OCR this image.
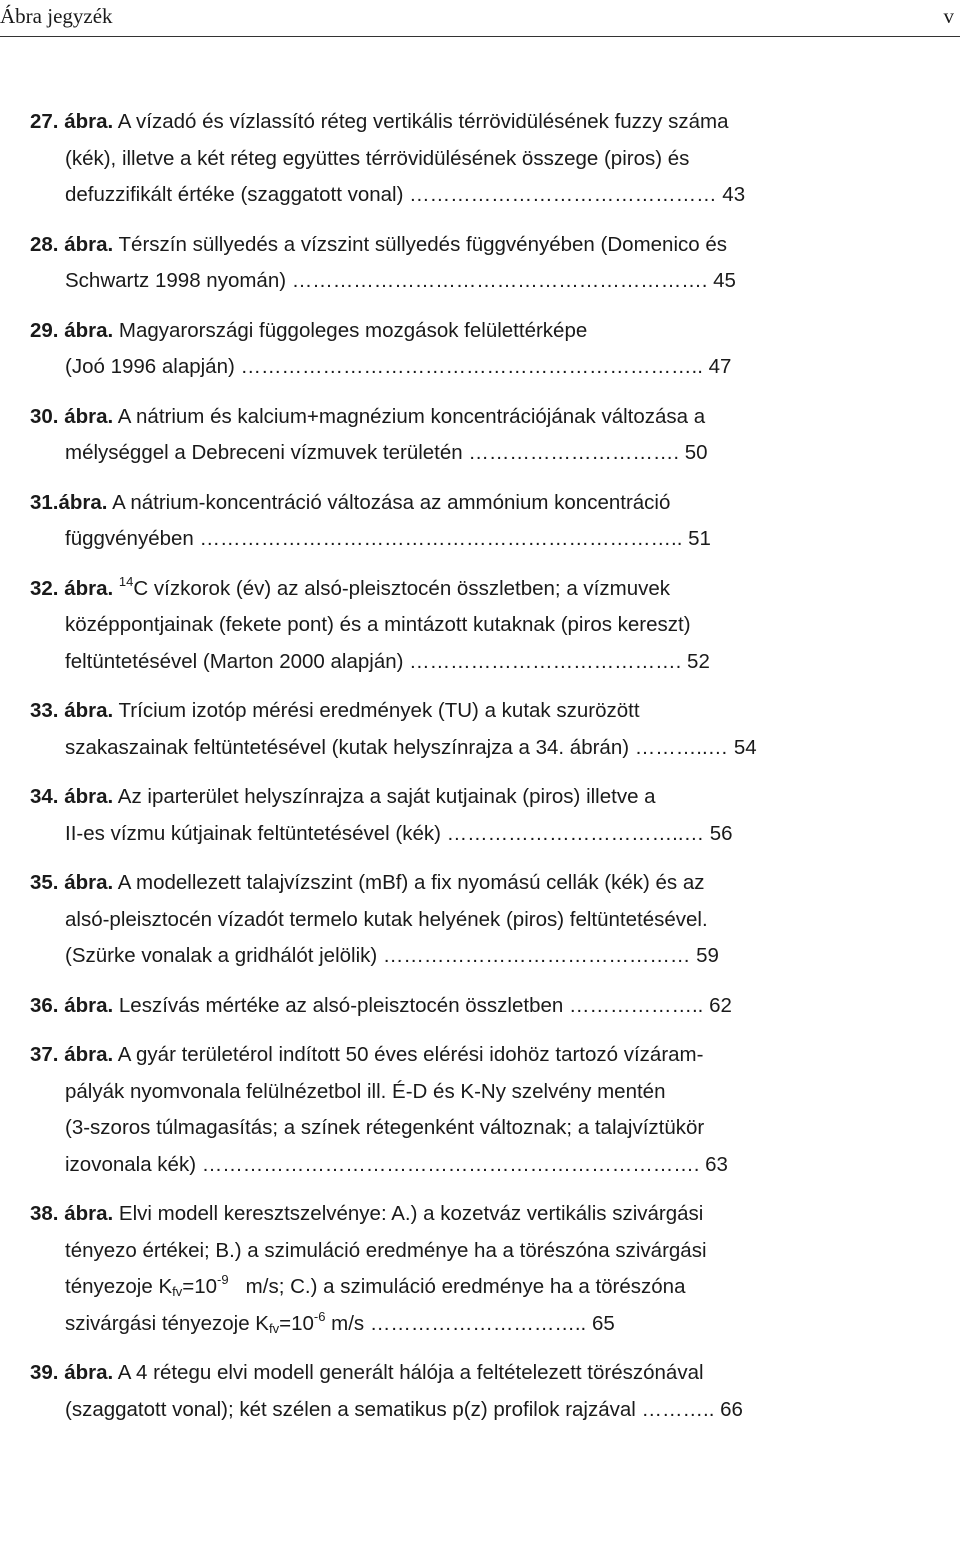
Ábra jegyzék	v
27. ábra. A vízadó és vízlassító réteg vertikális térrövidülésének fuzzy száma
(kék), illetve a két réteg együttes térrövidülésének összege (piros) és
defuzzifikált értéke (szaggatott vonal) ……………………………………… 43
28. ábra. Térszín süllyedés a vízszint süllyedés függvényében (Domenico és
Schwartz 1998 nyomán) ……………………………………………………. 45
29. ábra. Magyarországi függoleges mozgások felülettérképe
(Joó 1996 alapján) ………………………………………………………….. 47
30. ábra. A nátrium és kalcium+magnézium koncentrációjának változása a
mélységgel a Debreceni vízmuvek területén …………………………. 50
31.ábra. A nátrium-koncentráció változása az ammónium koncentráció
függvényében …………………………………………………………….. 51
32. ábra. $^{14}$C vízkorok (év) az alsó-pleisztocén összletben; a vízmuvek
középpontjainak (fekete pont) és a mintázott kutaknak (piros kereszt)
feltüntetésével (Marton 2000 alapján) …………………………………. 52
33. ábra. Trícium izotóp mérési eredmények (TU) a kutak szurözött
szakaszainak feltüntetésével (kutak helyszínrajza a 34. ábrán) ………..… 54
34. ábra. Az iparterület helyszínrajza a saját kutjainak (piros) illetve a
II-es vízmu kútjainak feltüntetésével (kék) ……………………………..… 56
35. ábra. A modellezett talajvízszint (mBf) a fix nyomású cellák (kék) és az
alsó-pleisztocén vízadót termelo kutak helyének (piros) feltüntetésével.
(Szürke vonalak a gridhálót jelölik) ……………………………………… 59
36. ábra. Leszívás mértéke az alsó-pleisztocén összletben ……………….. 62
37. ábra. A gyár területérol indított 50 éves elérési idohöz tartozó vízáram-
pályák nyomvonala felülnézetbol ill. É-D és K-Ny szelvény mentén
(3-szoros túlmagasítás; a színek rétegenként változnak; a talajvíztükör
izovonala kék) ………………………………………………………………. 63
38. ábra. Elvi modell keresztszelvénye: A.) a kozetváz vertikális szivárgási
tényezo értékei; B.) a szimuláció eredménye ha a törészóna szivárgási
tényezoje $K_{fv}=10^{-9}$   m/s; C.) a szimuláció eredménye ha a törészóna
szivárgási tényezoje $K_{fv}=10^{-6}$ m/s ………………………….. 65
39. ábra. A 4 rétegu elvi modell generált hálója a feltételezett törészónával
(szaggatott vonal); két szélen a sematikus p(z) profilok rajzával ……….. 66
